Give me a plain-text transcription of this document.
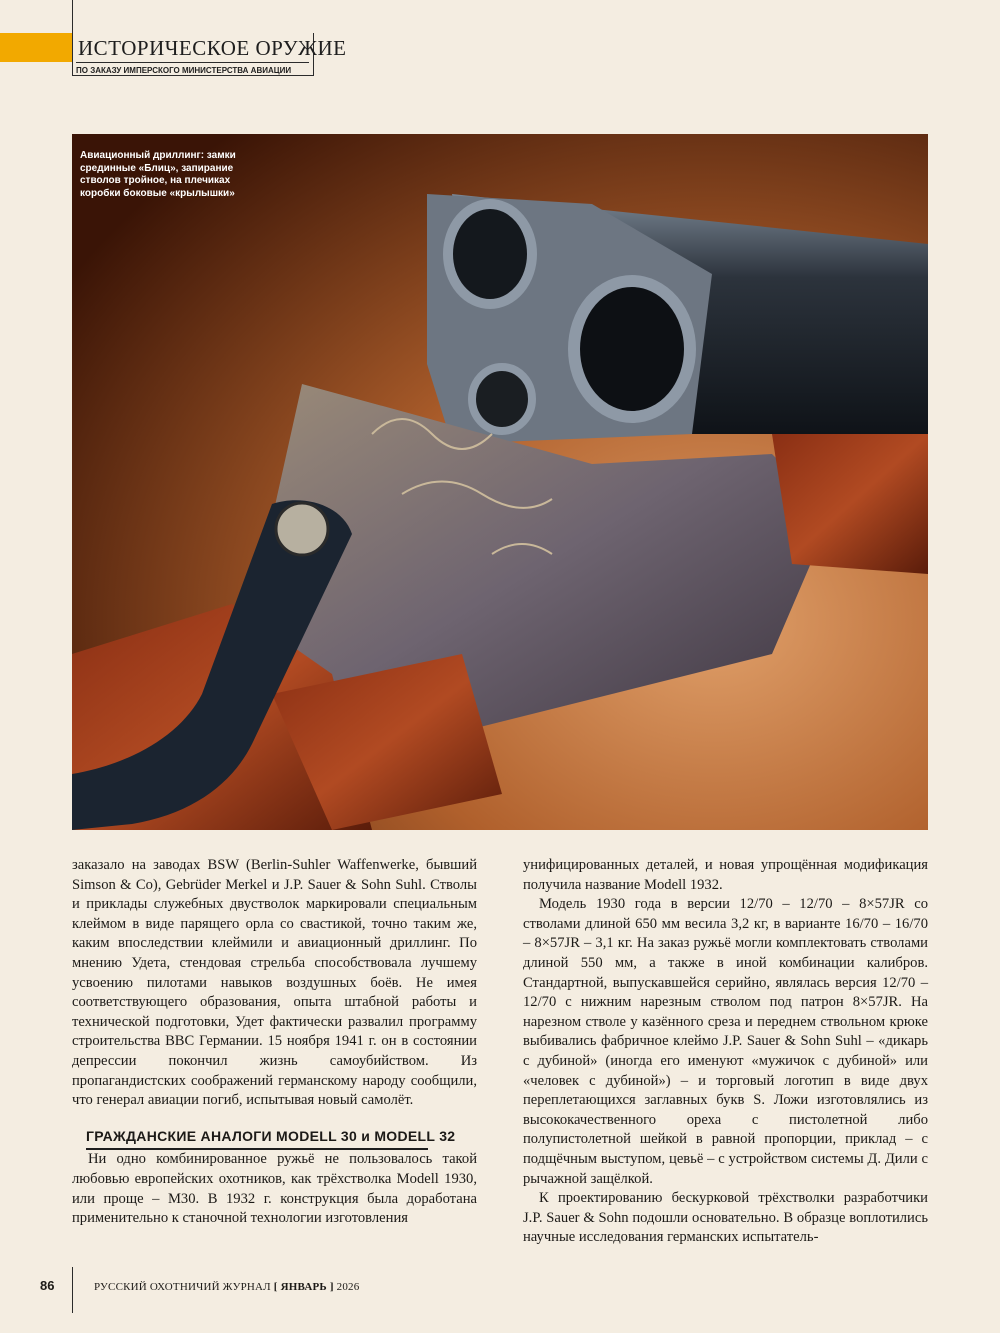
ИСТОРИЧЕСКОЕ ОРУЖИЕ
ПО ЗАКАЗУ ИМПЕРСКОГО МИНИСТЕРСТВА АВИАЦИИ
Авиационный дриллинг: замки срединные «Блиц», запирание стволов тройное, на плечиках коробки боковые «крылышки»

заказало на заводах BSW (Berlin-Suhler Waffenwerke, бывший Simson & Co), Gebrüder Merkel и J.P. Sauer & Sohn Suhl. Стволы и приклады служебных двустволок маркировали специальным клеймом в виде парящего орла со свастикой, точно таким же, каким впоследствии клеймили и авиационный дриллинг. По мнению Удета, стендовая стрельба способствовала лучшему усвоению пилотами навыков воздушных боёв. Не имея соответствующего образования, опыта штабной работы и технической подготовки, Удет фактически развалил программу строительства ВВС Германии. 15 ноября 1941 г. он в состоянии депрессии покончил жизнь самоубийством. Из пропагандистских соображений германскому народу сообщили, что генерал авиации погиб, испытывая новый самолёт.

ГРАЖДАНСКИЕ АНАЛОГИ MODELL 30 и MODELL 32

Ни одно комбинированное ружьё не пользовалось такой любовью европейских охотников, как трёхстволка Modell 1930, или проще – М30. В 1932 г. конструкция была доработана применительно к станочной технологии изготовления

унифицированных деталей, и новая упрощённая модификация получила название Modell 1932.

Модель 1930 года в версии 12/70 – 12/70 – 8×57JR со стволами длиной 650 мм весила 3,2 кг, в варианте 16/70 – 16/70 – 8×57JR – 3,1 кг. На заказ ружьё могли комплектовать стволами длиной 550 мм, а также в иной комбинации калибров. Стандартной, выпускавшейся серийно, являлась версия 12/70 – 12/70 с нижним нарезным стволом под патрон 8×57JR. На нарезном стволе у казённого среза и переднем ствольном крюке выбивались фабричное клеймо J.P. Sauer & Sohn Suhl – «дикарь с дубиной» (иногда его именуют «мужичок с дубиной» или «человек с дубиной») – и торговый логотип в виде двух переплетающихся заглавных букв S. Ложи изготовлялись из высококачественного ореха с пистолетной либо полупистолетной шейкой в равной пропорции, приклад – с подщёчным выступом, цевьё – с устройством системы Д. Дили с рычажной защёлкой.

К проектированию бескурковой трёхстволки разработчики J.P. Sauer & Sohn подошли основательно. В образце воплотились научные исследования германских испытатель-

86	РУССКИЙ ОХОТНИЧИЙ ЖУРНАЛ [ ЯНВАРЬ ] 2026
